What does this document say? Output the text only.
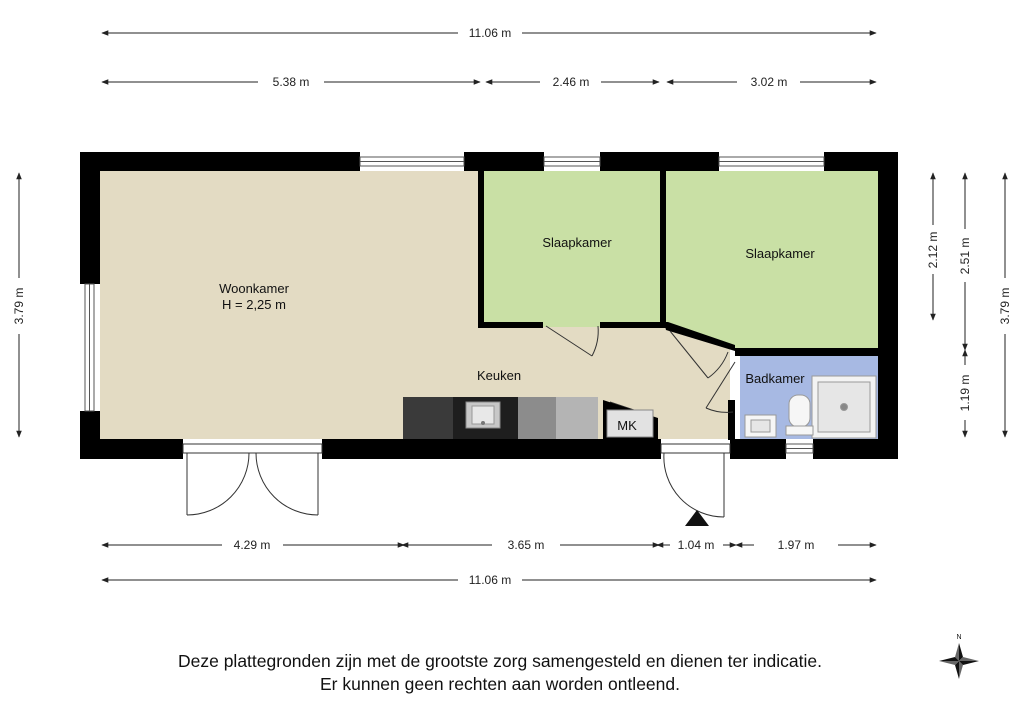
Woonkamer
H = 2,25 m
Slaapkamer
Slaapkamer
Keuken	Badkamer
MK
11.06 m
5.38 m	2.46 m	3.02 m
4.29 m	3.65 m	1.04 m	1.97 m
11.06 m
3.79 m
2.12 m
1.19 m
2.51 m
3.79 m
N
Deze plattegronden zijn met de grootste zorg samengesteld en dienen ter indicatie.
Er kunnen geen rechten aan worden ontleend.
